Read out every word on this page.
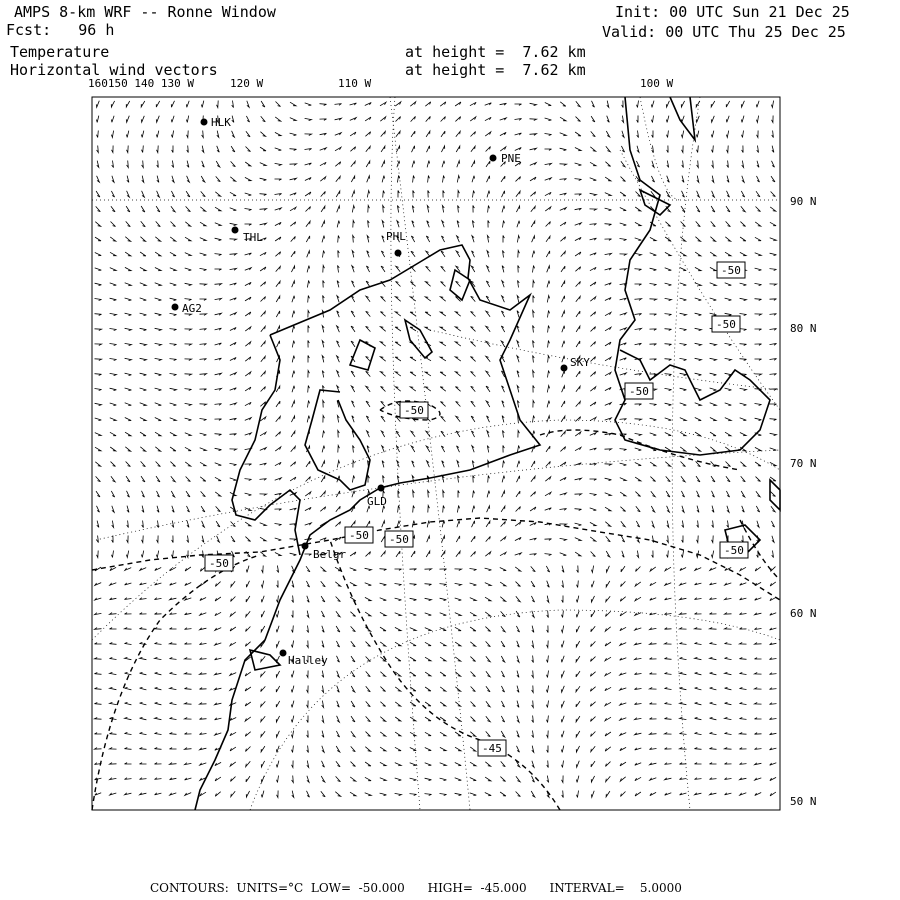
HLK
PNE
THL	PHL
AG2
SKY
GLD
Belgr
Halley
-50
-50
-50
-50
-50 -50
-50
-50
-45
AMPS 8-km WRF -- Ronne Window
Fcst:   96 h
Temperature
Horizontal wind vectors
at height =  7.62 km
at height =  7.62 km
Init: 00 UTC Sun 21 Dec 25
Valid: 00 UTC Thu 25 Dec 25
160150 140 130 W	120 W	110 W	100 W
90 N
80 N
70 N
60 N
50 N
CONTOURS:  UNITS=°C  LOW=  -50.000      HIGH=  -45.000      INTERVAL=    5.0000
